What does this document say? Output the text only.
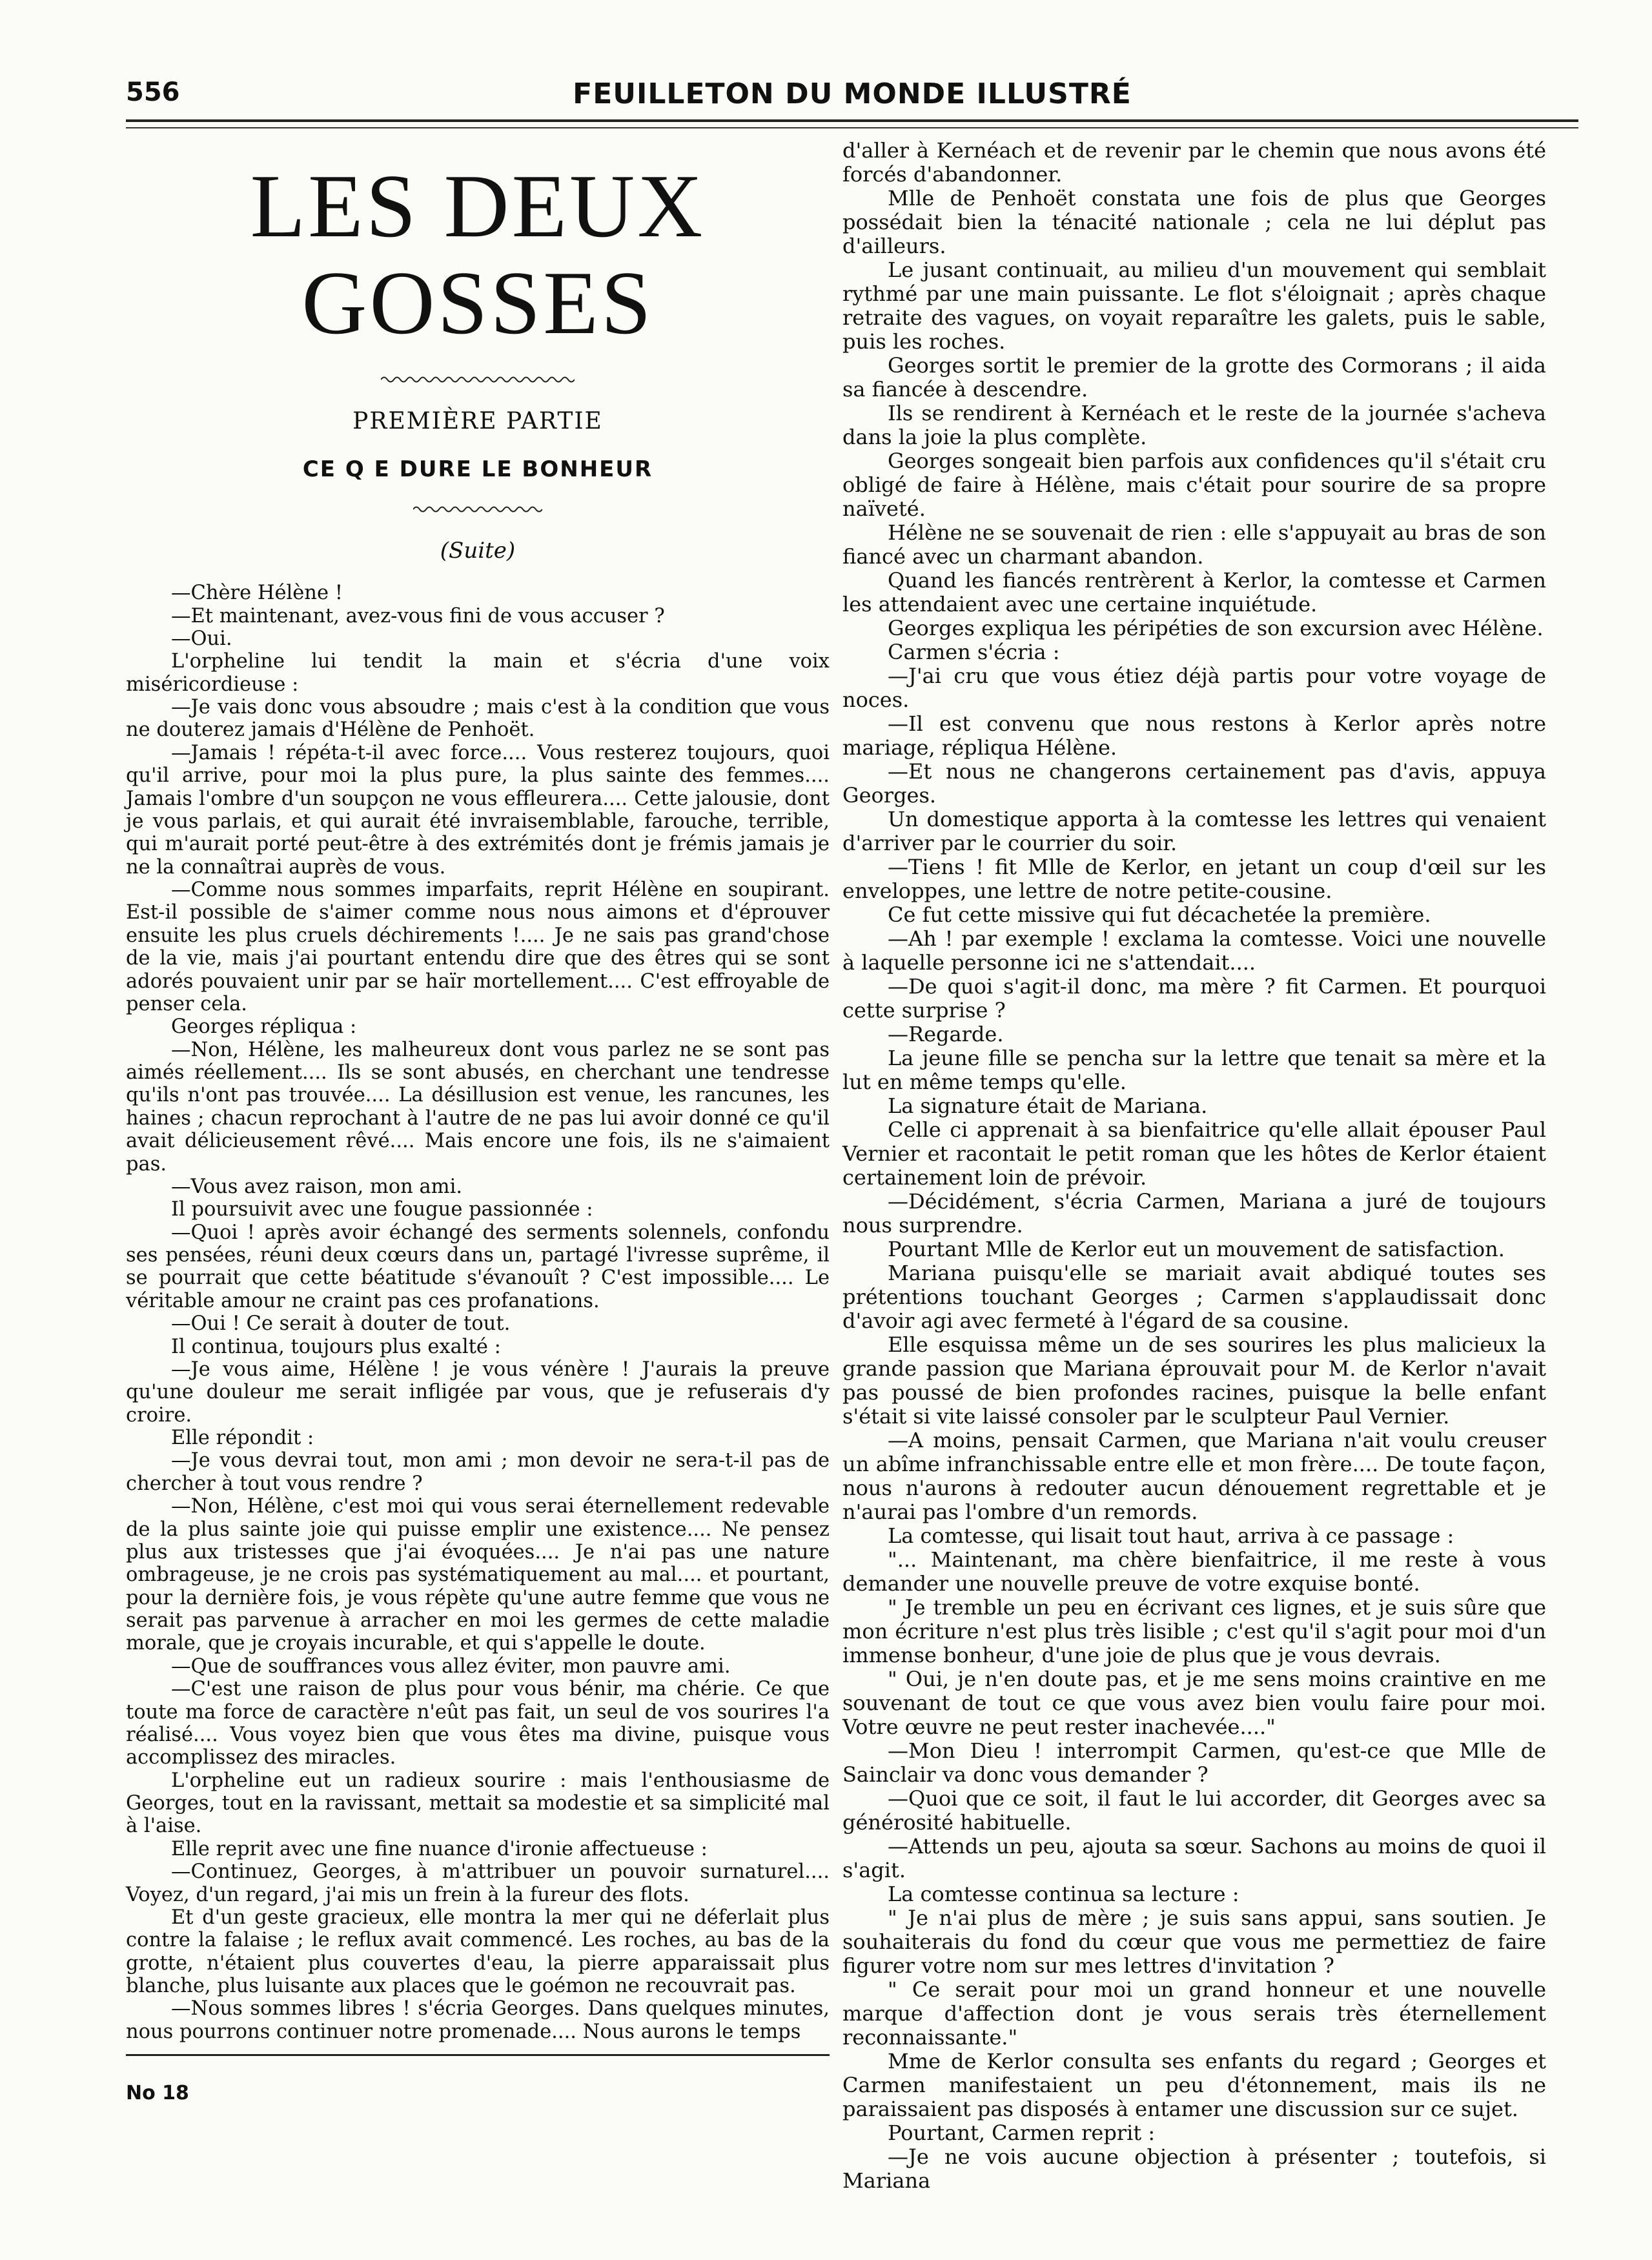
556	FEUILLETON DU MONDE ILLUSTRÉ
LES DEUX GOSSES
PREMIÈRE PARTIE
CE Q E DURE LE BONHEUR
(Suite)

—Chère Hélène !

—Et maintenant, avez-vous fini de vous accuser ?

—Oui.

L'orpheline lui tendit la main et s'écria d'une voix miséricordieuse :

—Je vais donc vous absoudre ; mais c'est à la condition que vous ne douterez jamais d'Hélène de Penhoët.

—Jamais ! répéta-t-il avec force.... Vous resterez toujours, quoi qu'il arrive, pour moi la plus pure, la plus sainte des femmes.... Jamais l'ombre d'un soupçon ne vous effleurera.... Cette jalousie, dont je vous parlais, et qui aurait été invraisemblable, farouche, terrible, qui m'aurait porté peut-être à des extrémités dont je frémis jamais je ne la connaîtrai auprès de vous.

—Comme nous sommes imparfaits, reprit Hélène en soupirant. Est-il possible de s'aimer comme nous nous aimons et d'éprouver ensuite les plus cruels déchirements !.... Je ne sais pas grand'chose de la vie, mais j'ai pourtant entendu dire que des êtres qui se sont adorés pouvaient unir par se haïr mortellement.... C'est effroyable de penser cela.

Georges répliqua :

—Non, Hélène, les malheureux dont vous parlez ne se sont pas aimés réellement.... Ils se sont abusés, en cherchant une tendresse qu'ils n'ont pas trouvée.... La désillusion est venue, les rancunes, les haines ; chacun reprochant à l'autre de ne pas lui avoir donné ce qu'il avait délicieusement rêvé.... Mais encore une fois, ils ne s'aimaient pas.

—Vous avez raison, mon ami.

Il poursuivit avec une fougue passionnée :

—Quoi ! après avoir échangé des serments solennels, confondu ses pensées, réuni deux cœurs dans un, partagé l'ivresse suprême, il se pourrait que cette béatitude s'évanouît ? C'est impossible.... Le véritable amour ne craint pas ces profanations.

—Oui ! Ce serait à douter de tout.

Il continua, toujours plus exalté :

—Je vous aime, Hélène ! je vous vénère ! J'aurais la preuve qu'une douleur me serait infligée par vous, que je refuserais d'y croire.

Elle répondit :

—Je vous devrai tout, mon ami ; mon devoir ne sera-t-il pas de chercher à tout vous rendre ?

—Non, Hélène, c'est moi qui vous serai éternellement redevable de la plus sainte joie qui puisse emplir une existence.... Ne pensez plus aux tristesses que j'ai évoquées.... Je n'ai pas une nature ombrageuse, je ne crois pas systématiquement au mal.... et pourtant, pour la dernière fois, je vous répète qu'une autre femme que vous ne serait pas parvenue à arracher en moi les germes de cette maladie morale, que je croyais incurable, et qui s'appelle le doute.

—Que de souffrances vous allez éviter, mon pauvre ami.

—C'est une raison de plus pour vous bénir, ma chérie. Ce que toute ma force de caractère n'eût pas fait, un seul de vos sourires l'a réalisé.... Vous voyez bien que vous êtes ma divine, puisque vous accomplissez des miracles.

L'orpheline eut un radieux sourire : mais l'enthousiasme de Georges, tout en la ravissant, mettait sa modestie et sa simplicité mal à l'aise.

Elle reprit avec une fine nuance d'ironie affectueuse :

—Continuez, Georges, à m'attribuer un pouvoir surnaturel.... Voyez, d'un regard, j'ai mis un frein à la fureur des flots.

Et d'un geste gracieux, elle montra la mer qui ne déferlait plus contre la falaise ; le reflux avait commencé. Les roches, au bas de la grotte, n'étaient plus couvertes d'eau, la pierre apparaissait plus blanche, plus luisante aux places que le goémon ne recouvrait pas.

—Nous sommes libres ! s'écria Georges. Dans quelques minutes, nous pourrons continuer notre promenade.... Nous aurons le temps

d'aller à Kernéach et de revenir par le chemin que nous avons été forcés d'abandonner.

Mlle de Penhoët constata une fois de plus que Georges possédait bien la ténacité nationale ; cela ne lui déplut pas d'ailleurs.

Le jusant continuait, au milieu d'un mouvement qui semblait rythmé par une main puissante. Le flot s'éloignait ; après chaque retraite des vagues, on voyait reparaître les galets, puis le sable, puis les roches.

Georges sortit le premier de la grotte des Cormorans ; il aida sa fiancée à descendre.

Ils se rendirent à Kernéach et le reste de la journée s'acheva dans la joie la plus complète.

Georges songeait bien parfois aux confidences qu'il s'était cru obligé de faire à Hélène, mais c'était pour sourire de sa propre naïveté.

Hélène ne se souvenait de rien : elle s'appuyait au bras de son fiancé avec un charmant abandon.

Quand les fiancés rentrèrent à Kerlor, la comtesse et Carmen les attendaient avec une certaine inquiétude.

Georges expliqua les péripéties de son excursion avec Hélène.

Carmen s'écria :

—J'ai cru que vous étiez déjà partis pour votre voyage de noces.

—Il est convenu que nous restons à Kerlor après notre mariage, répliqua Hélène.

—Et nous ne changerons certainement pas d'avis, appuya Georges.

Un domestique apporta à la comtesse les lettres qui venaient d'arriver par le courrier du soir.

—Tiens ! fit Mlle de Kerlor, en jetant un coup d'œil sur les enveloppes, une lettre de notre petite-cousine.

Ce fut cette missive qui fut décachetée la première.

—Ah ! par exemple ! exclama la comtesse. Voici une nouvelle à laquelle personne ici ne s'attendait....

—De quoi s'agit-il donc, ma mère ? fit Carmen. Et pourquoi cette surprise ?

—Regarde.

La jeune fille se pencha sur la lettre que tenait sa mère et la lut en même temps qu'elle.

La signature était de Mariana.

Celle ci apprenait à sa bienfaitrice qu'elle allait épouser Paul Vernier et racontait le petit roman que les hôtes de Kerlor étaient certainement loin de prévoir.

—Décidément, s'écria Carmen, Mariana a juré de toujours nous surprendre.

Pourtant Mlle de Kerlor eut un mouvement de satisfaction.

Mariana puisqu'elle se mariait avait abdiqué toutes ses prétentions touchant Georges ; Carmen s'applaudissait donc d'avoir agi avec fermeté à l'égard de sa cousine.

Elle esquissa même un de ses sourires les plus malicieux la grande passion que Mariana éprouvait pour M. de Kerlor n'avait pas poussé de bien profondes racines, puisque la belle enfant s'était si vite laissé consoler par le sculpteur Paul Vernier.

—A moins, pensait Carmen, que Mariana n'ait voulu creuser un abîme infranchissable entre elle et mon frère.... De toute façon, nous n'aurons à redouter aucun dénouement regrettable et je n'aurai pas l'ombre d'un remords.

La comtesse, qui lisait tout haut, arriva à ce passage :

"... Maintenant, ma chère bienfaitrice, il me reste à vous demander une nouvelle preuve de votre exquise bonté.

" Je tremble un peu en écrivant ces lignes, et je suis sûre que mon écriture n'est plus très lisible ; c'est qu'il s'agit pour moi d'un immense bonheur, d'une joie de plus que je vous devrais.

" Oui, je n'en doute pas, et je me sens moins craintive en me souvenant de tout ce que vous avez bien voulu faire pour moi. Votre œuvre ne peut rester inachevée...."

—Mon Dieu ! interrompit Carmen, qu'est-ce que Mlle de Sainclair va donc vous demander ?

—Quoi que ce soit, il faut le lui accorder, dit Georges avec sa générosité habituelle.

—Attends un peu, ajouta sa sœur. Sachons au moins de quoi il s'agit.

La comtesse continua sa lecture :

" Je n'ai plus de mère ; je suis sans appui, sans soutien. Je souhaiterais du fond du cœur que vous me permettiez de faire figurer votre nom sur mes lettres d'invitation ?

" Ce serait pour moi un grand honneur et une nouvelle marque d'affection dont je vous serais très éternellement reconnaissante."

Mme de Kerlor consulta ses enfants du regard ; Georges et Carmen manifestaient un peu d'étonnement, mais ils ne paraissaient pas disposés à entamer une discussion sur ce sujet.

Pourtant, Carmen reprit :

—Je ne vois aucune objection à présenter ; toutefois, si Mariana

No 18
